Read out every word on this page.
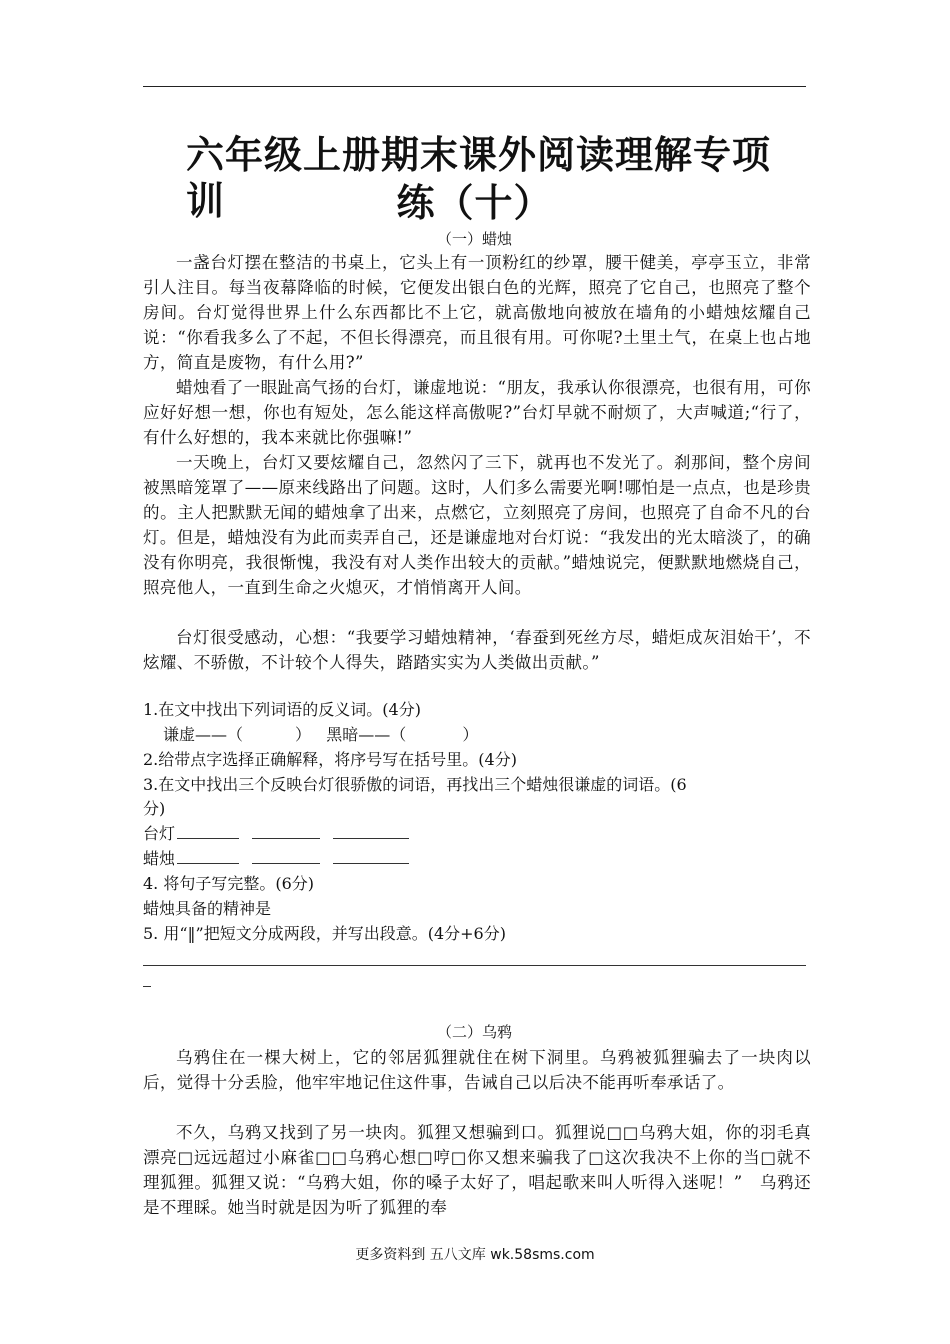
六年级上册期末课外阅读理解专项训	练（十）
（一）蜡烛

一盏台灯摆在整洁的书桌上，它头上有一顶粉红的纱罩，腰干健美，亭亭玉立，非常引人注目。每当夜幕降临的时候，它便发出银白色的光辉，照亮了它自己，也照亮了整个房间。台灯觉得世界上什么东西都比不上它，就高傲地向被放在墙角的小蜡烛炫耀自己说：“你看我多么了不起，不但长得漂亮，而且很有用。可你呢?土里土气，在桌上也占地方，简直是废物，有什么用?”

蜡烛看了一眼趾高气扬的台灯，谦虚地说：“朋友，我承认你很漂亮，也很有用，可你应好好想一想，你也有短处，怎么能这样高傲呢?”台灯早就不耐烦了，大声喊道;“行了，有什么好想的，我本来就比你强嘛!”

一天晚上，台灯又要炫耀自己，忽然闪了三下，就再也不发光了。刹那间，整个房间被黑暗笼罩了——原来线路出了问题。这时，人们多么需要光啊!哪怕是一点点，也是珍贵的。主人把默默无闻的蜡烛拿了出来，点燃它，立刻照亮了房间，也照亮了自命不凡的台灯。但是，蜡烛没有为此而卖弄自己，还是谦虚地对台灯说：“我发出的光太暗淡了，的确没有你明亮，我很惭愧，我没有对人类作出较大的贡献。”蜡烛说完，便默默地燃烧自己，照亮他人，一直到生命之火熄灭，才悄悄离开人间。

台灯很受感动，心想：“我要学习蜡烛精神，‘春蚕到死丝方尽，蜡炬成灰泪始干’，不炫耀、不骄傲，不计较个人得失，踏踏实实为人类做出贡献。”

1.在文中找出下列词语的反义词。(4分)

谦虚——（	） 黑暗——（	）

2.给带点字选择正确解释，将序号写在括号里。(4分)

3.在文中找出三个反映台灯很骄傲的词语，再找出三个蜡烛很谦虚的词语。(6

分)

台灯

蜡烛

4. 将句子写完整。(6分)

蜡烛具备的精神是

5. 用“‖”把短文分成两段，并写出段意。(4分+6分)

（二）乌鸦

乌鸦住在一棵大树上，它的邻居狐狸就住在树下洞里。乌鸦被狐狸骗去了一块肉以后，觉得十分丢脸，他牢牢地记住这件事，告诫自己以后决不能再听奉承话了。

不久，乌鸦又找到了另一块肉。狐狸又想骗到口。狐狸说□□乌鸦大姐，你的羽毛真漂亮□远远超过小麻雀□□乌鸦心想□哼□你又想来骗我了□这次我决不上你的当□就不理狐狸。狐狸又说：“乌鸦大姐，你的嗓子太好了，唱起歌来叫人听得入迷呢！”　乌鸦还是不理睬。她当时就是因为听了狐狸的奉

更多资料到 五八文库 wk.58sms.com
